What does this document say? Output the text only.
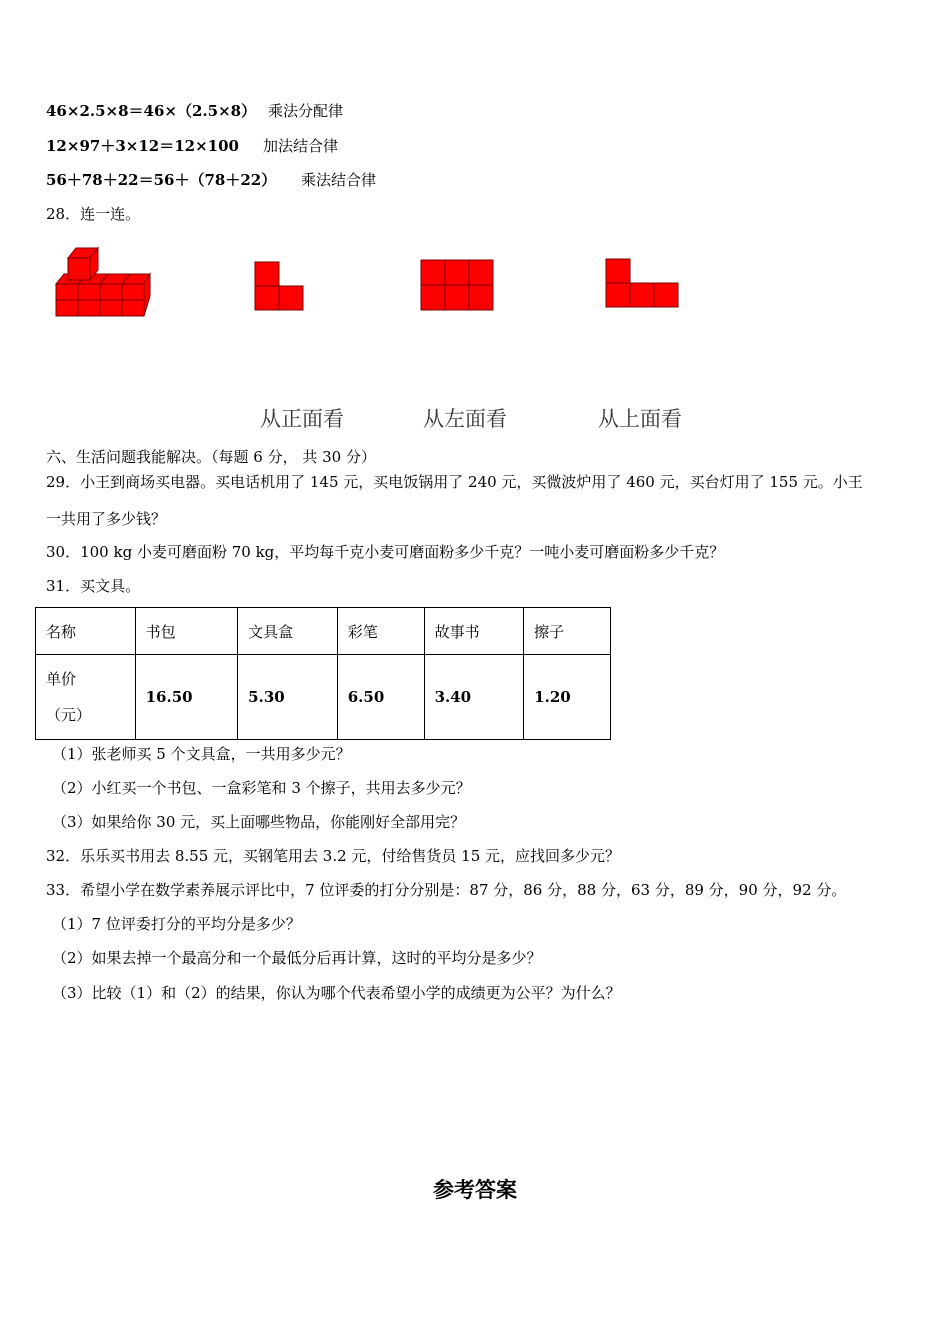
46×2.5×8＝46×（2.5×8） 乘法分配律
12×97＋3×12＝12×100 加法结合律
56＋78＋22＝56＋（78＋22） 乘法结合律
28．连一连。
从正面看	从左面看	从上面看
六、生活问题我能解决。（每题 6 分， 共 30 分）
29．小王到商场买电器。买电话机用了 145 元，买电饭锅用了 240 元，买微波炉用了 460 元，买台灯用了 155 元。小王
一共用了多少钱？
30．100 kg 小麦可磨面粉 70 kg，平均每千克小麦可磨面粉多少千克？一吨小麦可磨面粉多少千克？
31．买文具。
名称	书包	文具盒	彩笔	故事书	擦子

单价
（元）	16.50	5.30	6.50	3.40	1.20
（1）张老师买 5 个文具盒，一共用多少元？
（2）小红买一个书包、一盒彩笔和 3 个擦子，共用去多少元？
（3）如果给你 30 元，买上面哪些物品，你能刚好全部用完？
32．乐乐买书用去 8.55 元，买钢笔用去 3.2 元，付给售货员 15 元，应找回多少元？
33．希望小学在数学素养展示评比中，7 位评委的打分分别是：87 分，86 分，88 分，63 分，89 分，90 分，92 分。
（1）7 位评委打分的平均分是多少？
（2）如果去掉一个最高分和一个最低分后再计算，这时的平均分是多少？
（3）比较（1）和（2）的结果，你认为哪个代表希望小学的成绩更为公平？为什么？
参考答案
